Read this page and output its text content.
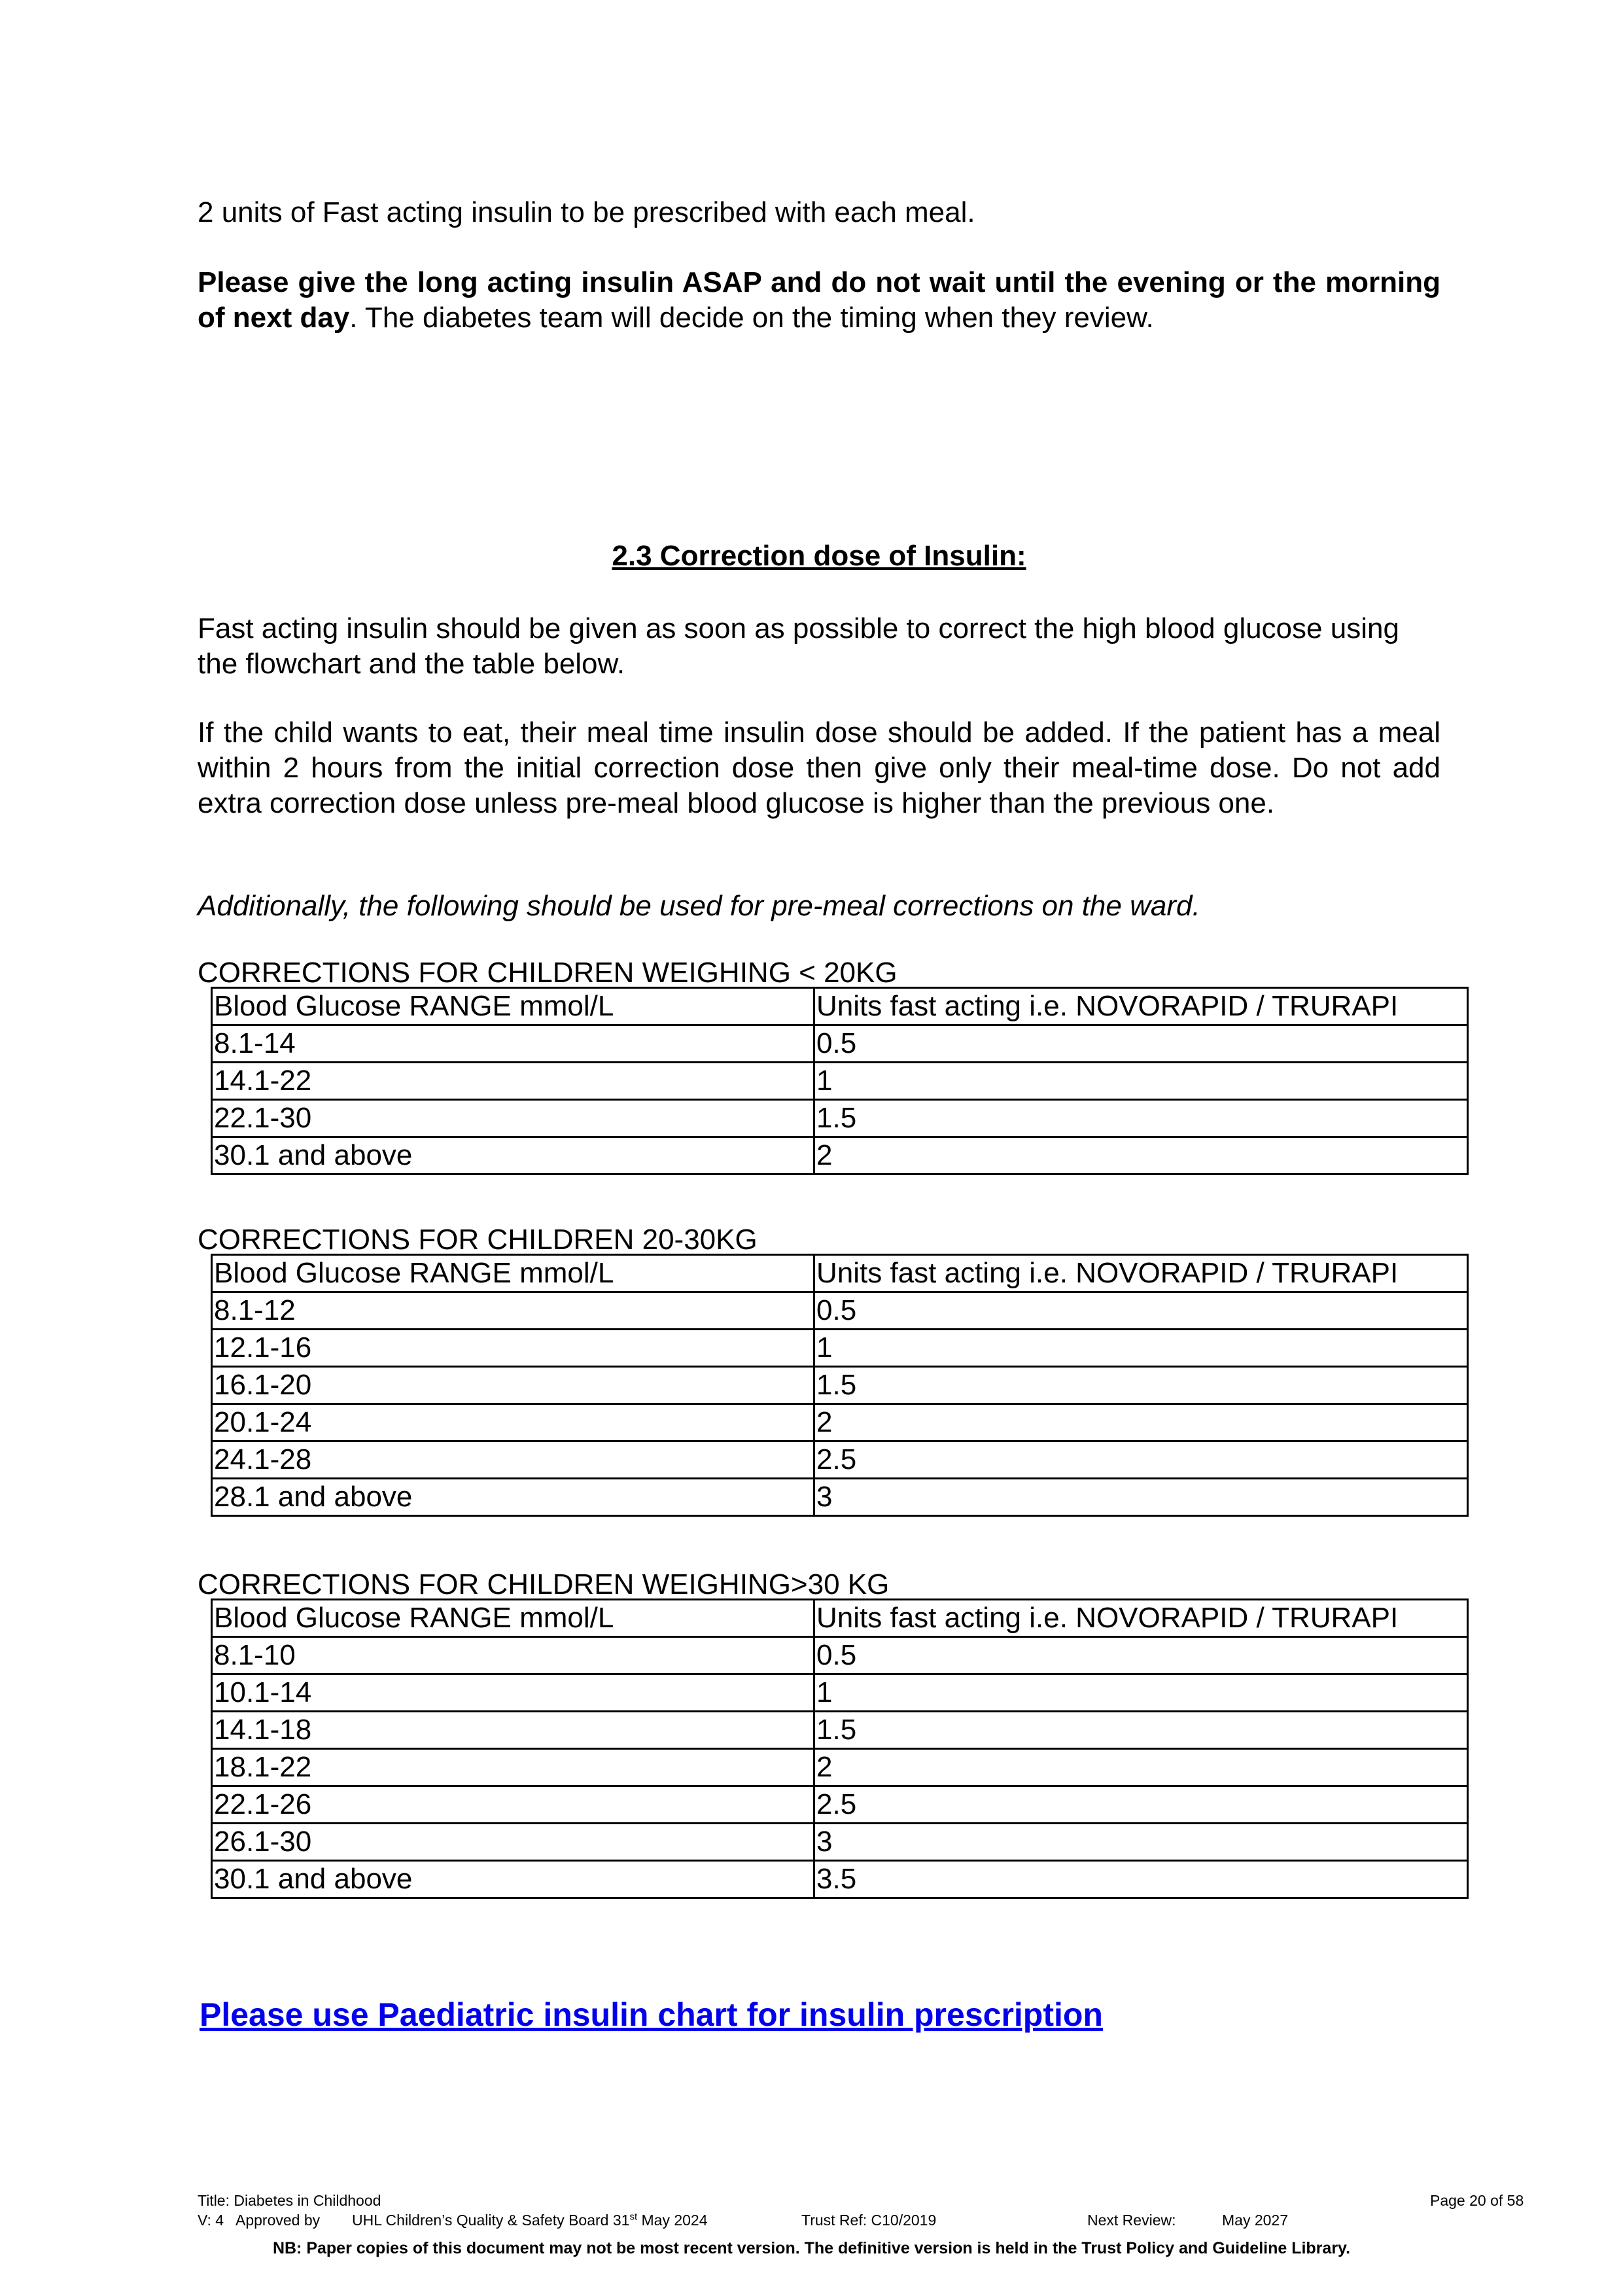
2 units of Fast acting insulin to be prescribed with each meal.
Please give the long acting insulin ASAP and do not wait until the evening or the morning of next day. The diabetes team will decide on the timing when they review.
2.3 Correction dose of Insulin:
Fast acting insulin should be given as soon as possible to correct the high blood glucose using the flowchart and the table below.
If the child wants to eat, their meal time insulin dose should be added. If the patient has a meal within 2 hours from the initial correction dose then give only their meal-time dose. Do not add extra correction dose unless pre-meal blood glucose is higher than the previous one.
Additionally, the following should be used for pre-meal corrections on the ward.
CORRECTIONS FOR CHILDREN WEIGHING < 20KG
Blood Glucose RANGE mmol/L	Units fast acting i.e. NOVORAPID / TRURAPI
8.1-14	0.5
14.1-22	1
22.1-30	1.5
30.1 and above	2
CORRECTIONS FOR CHILDREN 20-30KG
Blood Glucose RANGE mmol/L	Units fast acting i.e. NOVORAPID / TRURAPI
8.1-12	0.5
12.1-16	1
16.1-20	1.5
20.1-24	2
24.1-28	2.5
28.1 and above	3
CORRECTIONS FOR CHILDREN WEIGHING>30 KG
Blood Glucose RANGE mmol/L	Units fast acting i.e. NOVORAPID / TRURAPI
8.1-10	0.5
10.1-14	1
14.1-18	1.5
18.1-22	2
22.1-26	2.5
26.1-30	3
30.1 and above	3.5
Please use Paediatric insulin chart for insulin prescription
Title: Diabetes in Childhood	Page 20 of 58
V: 4 Approved by UHL Children’s Quality & Safety Board 31st May 2024	Trust Ref: C10/2019	Next Review:	May 2027
NB: Paper copies of this document may not be most recent version. The definitive version is held in the Trust Policy and Guideline Library.
